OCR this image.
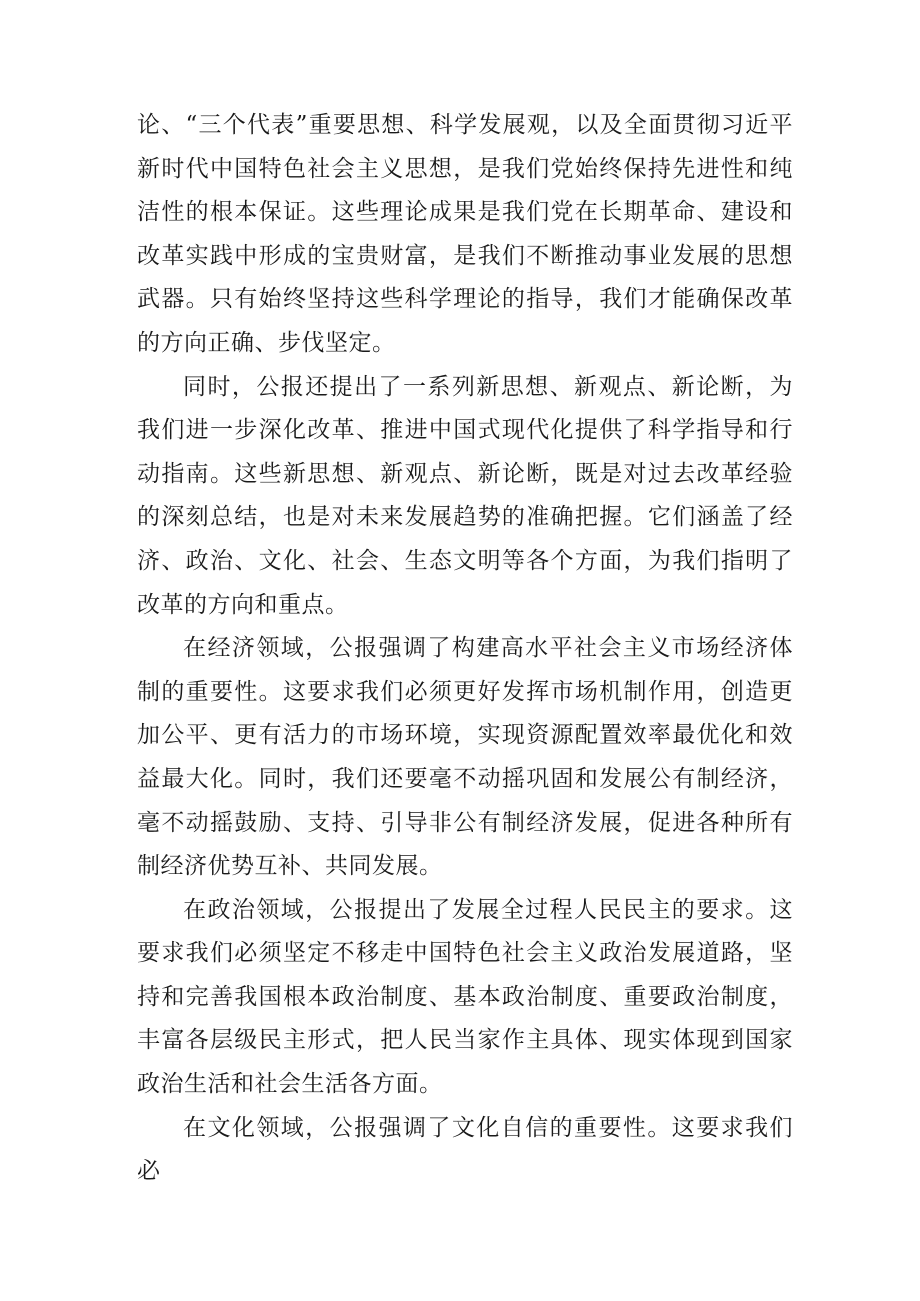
论、“三个代表”重要思想、科学发展观，以及全面贯彻习近平新时代中国特色社会主义思想，是我们党始终保持先进性和纯洁性的根本保证。这些理论成果是我们党在长期革命、建设和改革实践中形成的宝贵财富，是我们不断推动事业发展的思想武器。只有始终坚持这些科学理论的指导，我们才能确保改革的方向正确、步伐坚定。

同时，公报还提出了一系列新思想、新观点、新论断，为我们进一步深化改革、推进中国式现代化提供了科学指导和行动指南。这些新思想、新观点、新论断，既是对过去改革经验的深刻总结，也是对未来发展趋势的准确把握。它们涵盖了经济、政治、文化、社会、生态文明等各个方面，为我们指明了改革的方向和重点。

在经济领域，公报强调了构建高水平社会主义市场经济体制的重要性。这要求我们必须更好发挥市场机制作用，创造更加公平、更有活力的市场环境，实现资源配置效率最优化和效益最大化。同时，我们还要毫不动摇巩固和发展公有制经济，毫不动摇鼓励、支持、引导非公有制经济发展，促进各种所有制经济优势互补、共同发展。

在政治领域，公报提出了发展全过程人民民主的要求。这要求我们必须坚定不移走中国特色社会主义政治发展道路，坚持和完善我国根本政治制度、基本政治制度、重要政治制度，丰富各层级民主形式，把人民当家作主具体、现实体现到国家政治生活和社会生活各方面。

在文化领域，公报强调了文化自信的重要性。这要求我们必
